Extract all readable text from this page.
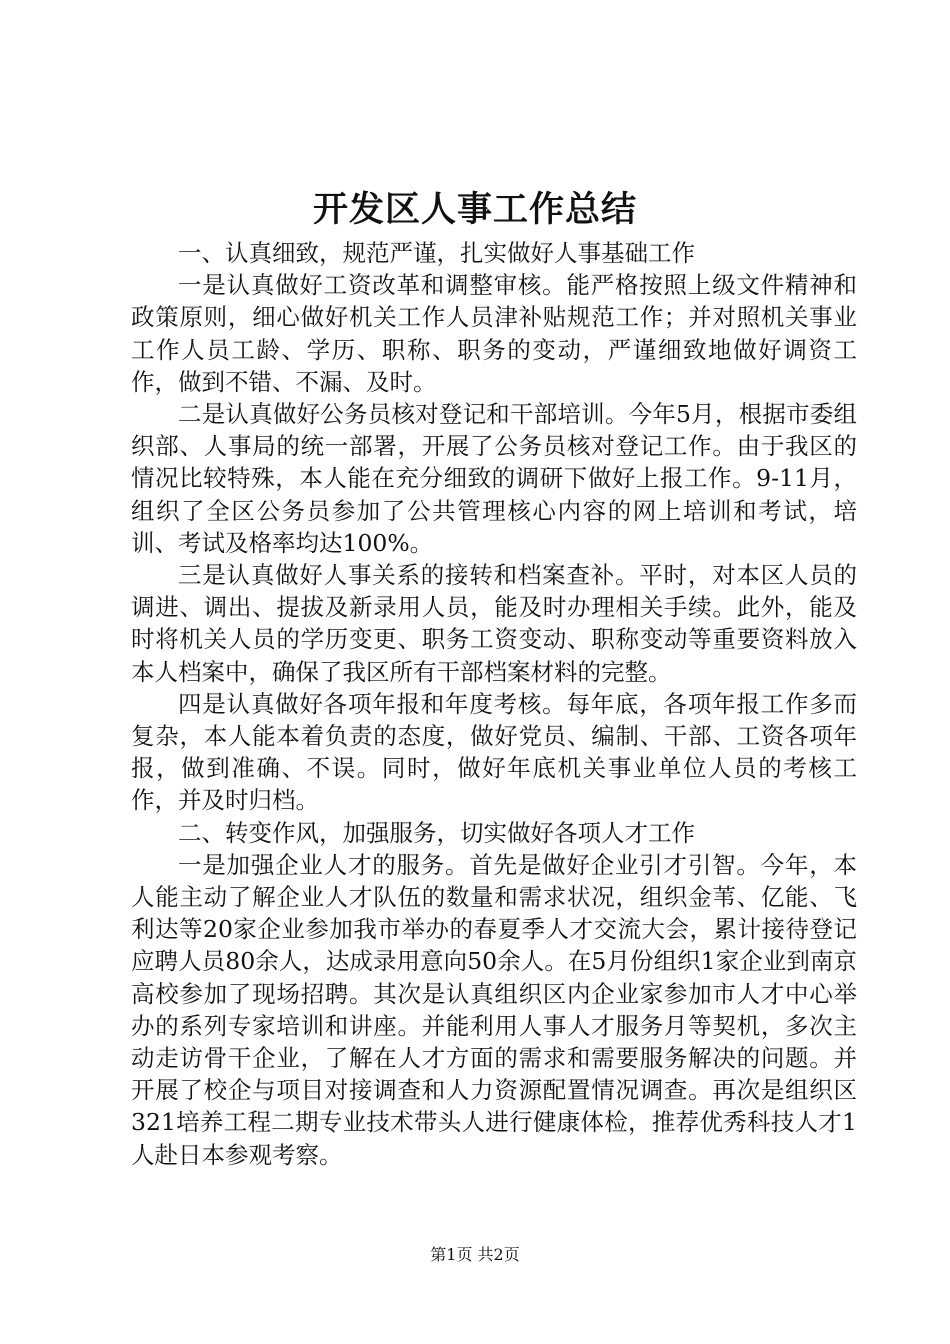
开发区人事工作总结

一、认真细致，规范严谨，扎实做好人事基础工作

一是认真做好工资改革和调整审核。能严格按照上级文件精神和政策原则，细心做好机关工作人员津补贴规范工作；并对照机关事业工作人员工龄、学历、职称、职务的变动，严谨细致地做好调资工作，做到不错、不漏、及时。

二是认真做好公务员核对登记和干部培训。今年5月，根据市委组织部、人事局的统一部署，开展了公务员核对登记工作。由于我区的情况比较特殊，本人能在充分细致的调研下做好上报工作。9-11月，组织了全区公务员参加了公共管理核心内容的网上培训和考试，培训、考试及格率均达100%。

三是认真做好人事关系的接转和档案查补。平时，对本区人员的调进、调出、提拔及新录用人员，能及时办理相关手续。此外，能及时将机关人员的学历变更、职务工资变动、职称变动等重要资料放入本人档案中，确保了我区所有干部档案材料的完整。

四是认真做好各项年报和年度考核。每年底，各项年报工作多而复杂，本人能本着负责的态度，做好党员、编制、干部、工资各项年报，做到准确、不误。同时，做好年底机关事业单位人员的考核工作，并及时归档。

二、转变作风，加强服务，切实做好各项人才工作

一是加强企业人才的服务。首先是做好企业引才引智。今年，本人能主动了解企业人才队伍的数量和需求状况，组织金苇、亿能、飞利达等20家企业参加我市举办的春夏季人才交流大会，累计接待登记应聘人员80余人，达成录用意向50余人。在5月份组织1家企业到南京高校参加了现场招聘。其次是认真组织区内企业家参加市人才中心举办的系列专家培训和讲座。并能利用人事人才服务月等契机，多次主动走访骨干企业，了解在人才方面的需求和需要服务解决的问题。并开展了校企与项目对接调查和人力资源配置情况调查。再次是组织区321培养工程二期专业技术带头人进行健康体检，推荐优秀科技人才1人赴日本参观考察。

第1页 共2页
